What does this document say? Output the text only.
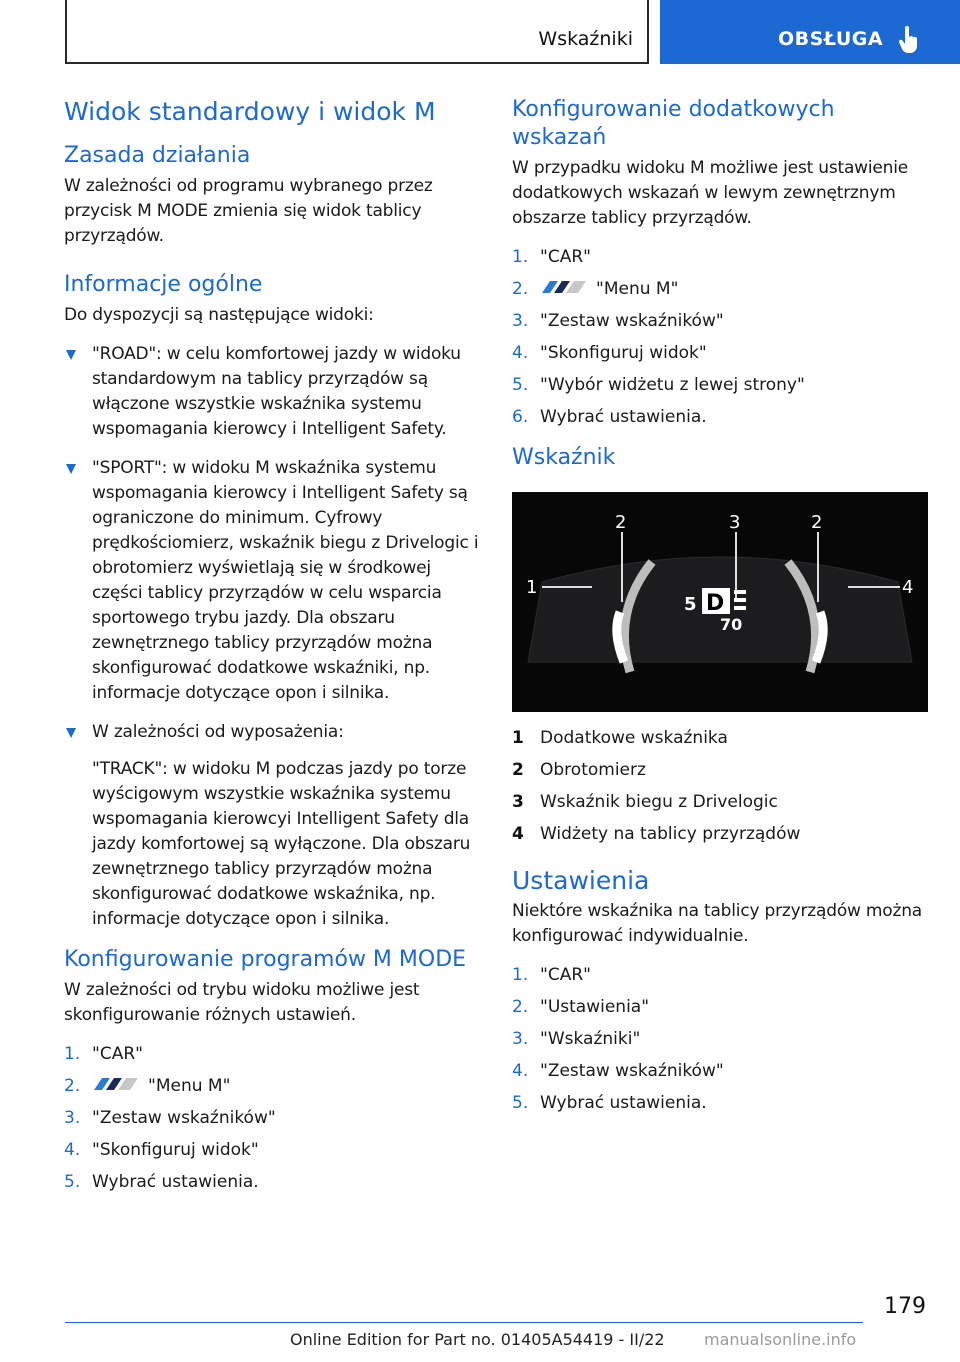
Wskaźniki	OBSŁUGA
Widok standardowy i widok M
Zasada działania

W zależności od programu wybranego przez przycisk M MODE zmienia się widok tablicy przyrządów.

Informacje ogólne

Do dyspozycji są następujące widoki:

"ROAD": w celu komfortowej jazdy w widoku standardowym na tablicy przyrządów są włączone wszystkie wskaźnika systemu wspomagania kierowcy i Intelligent Safety.
"SPORT": w widoku M wskaźnika systemu wspomagania kierowcy i Intelligent Safety są ograniczone do minimum. Cyfrowy prędkościomierz, wskaźnik biegu z Drivelogic i obrotomierz wyświetlają się w środkowej części tablicy przyrządów w celu wsparcia sportowego trybu jazdy. Dla obszaru zewnętrznego tablicy przyrządów można skonfigurować dodatkowe wskaźniki, np. informacje dotyczące opon i silnika.
W zależności od wyposażenia:
"TRACK": w widoku M podczas jazdy po torze wyścigowym wszystkie wskaźnika systemu wspomagania kierowcyi Intelligent Safety dla jazdy komfortowej są wyłączone. Dla obszaru zewnętrznego tablicy przyrządów można skonfigurować dodatkowe wskaźnika, np. informacje dotyczące opon i silnika.
Konfigurowanie programów M MODE

W zależności od trybu widoku możliwe jest skonfigurowanie różnych ustawień.

1. "CAR"
2.	"Menu M"
3. "Zestaw wskaźników"
4. "Skonfiguruj widok"
5. Wybrać ustawienia.
Konfigurowanie dodatkowych wskazań

W przypadku widoku M możliwe jest ustawienie dodatkowych wskazań w lewym zewnętrznym obszarze tablicy przyrządów.

1. "CAR"
2.	"Menu M"
3. "Zestaw wskaźników"
4. "Skonfiguruj widok"
5. "Wybór widżetu z lewej strony"
6. Wybrać ustawienia.
Wskaźnik
1
2	3	2
4
5 D
70
1 Dodatkowe wskaźnika
2 Obrotomierz
3 Wskaźnik biegu z Drivelogic
4 Widżety na tablicy przyrządów
Ustawienia

Niektóre wskaźnika na tablicy przyrządów można konfigurować indywidualnie.

1. "CAR"
2. "Ustawienia"
3. "Wskaźniki"
4. "Zestaw wskaźników"
5. Wybrać ustawienia.
179
Online Edition for Part no. 01405A54419 - II/22 manualsonline.info
